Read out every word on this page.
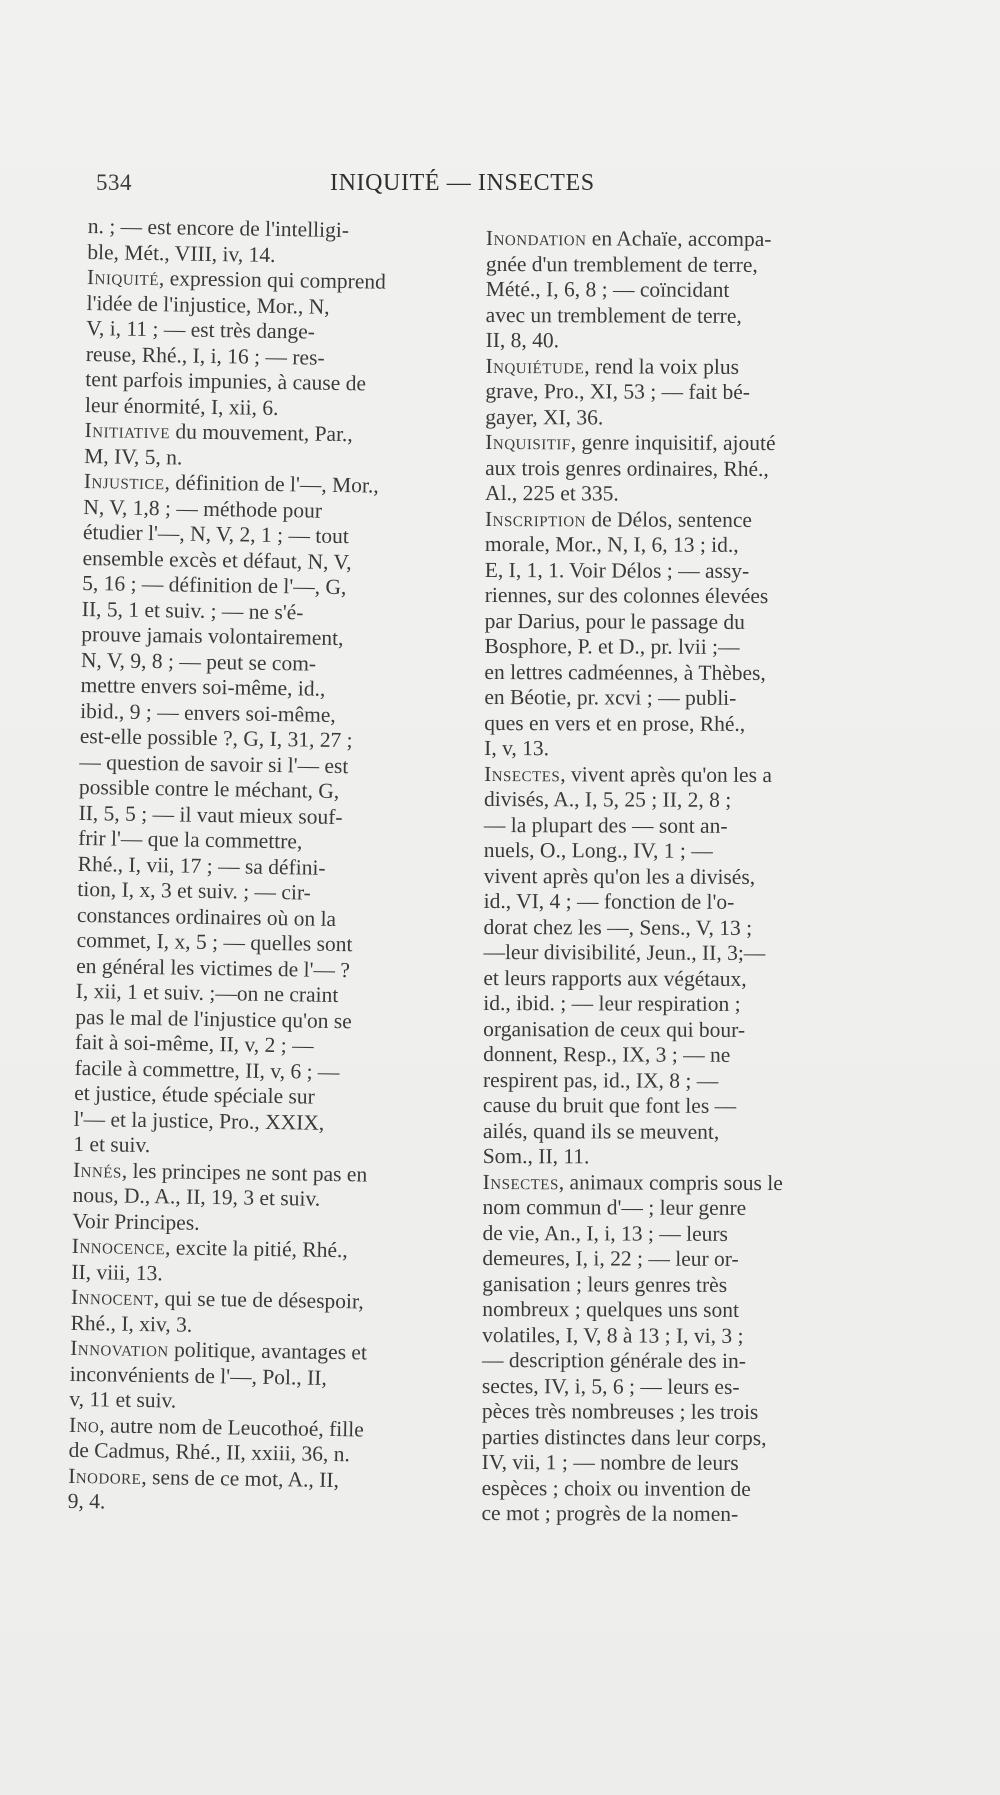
534	INIQUITÉ — INSECTES
n. ; — est encore de l'intelligi-
ble, Mét., VIII, iv, 14.
Iniquité, expression qui comprend
l'idée de l'injustice, Mor., N,
V, i, 11 ; — est très dange-
reuse, Rhé., I, i, 16 ; — res-
tent parfois impunies, à cause de
leur énormité, I, xii, 6.
Initiative du mouvement, Par.,
M, IV, 5, n.
Injustice, définition de l'—, Mor.,
N, V, 1,8 ; — méthode pour
étudier l'—, N, V, 2, 1 ; — tout
ensemble excès et défaut, N, V,
5, 16 ; — définition de l'—, G,
II, 5, 1 et suiv. ; — ne s'é-
prouve jamais volontairement,
N, V, 9, 8 ; — peut se com-
mettre envers soi-même, id.,
ibid., 9 ; — envers soi-même,
est-elle possible ?, G, I, 31, 27 ;
— question de savoir si l'— est
possible contre le méchant, G,
II, 5, 5 ; — il vaut mieux souf-
frir l'— que la commettre,
Rhé., I, vii, 17 ; — sa défini-
tion, I, x, 3 et suiv. ; — cir-
constances ordinaires où on la
commet, I, x, 5 ; — quelles sont
en général les victimes de l'— ?
I, xii, 1 et suiv. ;—on ne craint
pas le mal de l'injustice qu'on se
fait à soi-même, II, v, 2 ; —
facile à commettre, II, v, 6 ; —
et justice, étude spéciale sur
l'— et la justice, Pro., XXIX,
1 et suiv.
Innés, les principes ne sont pas en
nous, D., A., II, 19, 3 et suiv.
Voir Principes.
Innocence, excite la pitié, Rhé.,
II, viii, 13.
Innocent, qui se tue de désespoir,
Rhé., I, xiv, 3.
Innovation politique, avantages et
inconvénients de l'—, Pol., II,
v, 11 et suiv.
Ino, autre nom de Leucothoé, fille
de Cadmus, Rhé., II, xxiii, 36, n.
Inodore, sens de ce mot, A., II,
9, 4.
Inondation en Achaïe, accompa-
gnée d'un tremblement de terre,
Mété., I, 6, 8 ; — coïncidant
avec un tremblement de terre,
II, 8, 40.
Inquiétude, rend la voix plus
grave, Pro., XI, 53 ; — fait bé-
gayer, XI, 36.
Inquisitif, genre inquisitif, ajouté
aux trois genres ordinaires, Rhé.,
Al., 225 et 335.
Inscription de Délos, sentence
morale, Mor., N, I, 6, 13 ; id.,
E, I, 1, 1. Voir Délos ; — assy-
riennes, sur des colonnes élevées
par Darius, pour le passage du
Bosphore, P. et D., pr. lvii ;—
en lettres cadméennes, à Thèbes,
en Béotie, pr. xcvi ; — publi-
ques en vers et en prose, Rhé.,
I, v, 13.
Insectes, vivent après qu'on les a
divisés, A., I, 5, 25 ; II, 2, 8 ;
— la plupart des — sont an-
nuels, O., Long., IV, 1 ; —
vivent après qu'on les a divisés,
id., VI, 4 ; — fonction de l'o-
dorat chez les —, Sens., V, 13 ;
—leur divisibilité, Jeun., II, 3;—
et leurs rapports aux végétaux,
id., ibid. ; — leur respiration ;
organisation de ceux qui bour-
donnent, Resp., IX, 3 ; — ne
respirent pas, id., IX, 8 ; —
cause du bruit que font les —
ailés, quand ils se meuvent,
Som., II, 11.
Insectes, animaux compris sous le
nom commun d'— ; leur genre
de vie, An., I, i, 13 ; — leurs
demeures, I, i, 22 ; — leur or-
ganisation ; leurs genres très
nombreux ; quelques uns sont
volatiles, I, V, 8 à 13 ; I, vi, 3 ;
— description générale des in-
sectes, IV, i, 5, 6 ; — leurs es-
pèces très nombreuses ; les trois
parties distinctes dans leur corps,
IV, vii, 1 ; — nombre de leurs
espèces ; choix ou invention de
ce mot ; progrès de la nomen-
